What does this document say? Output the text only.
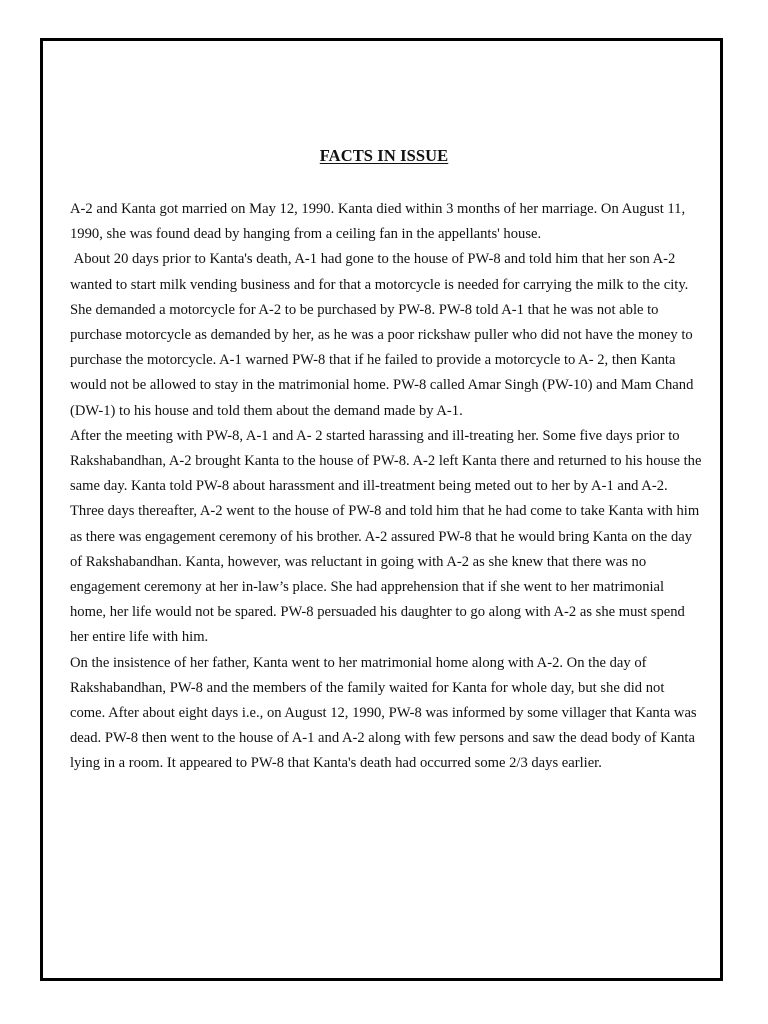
FACTS IN ISSUE

A-2 and Kanta got married on May 12, 1990. Kanta died within 3 months of her marriage. On August 11, 1990, she was found dead by hanging from a ceiling fan in the appellants' house.

About 20 days prior to Kanta's death, A-1 had gone to the house of PW-8 and told him that her son A-2 wanted to start milk vending business and for that a motorcycle is needed for carrying the milk to the city. She demanded a motorcycle for A-2 to be purchased by PW-8. PW-8 told A-1 that he was not able to purchase motorcycle as demanded by her, as he was a poor rickshaw puller who did not have the money to purchase the motorcycle. A-1 warned PW-8 that if he failed to provide a motorcycle to A- 2, then Kanta would not be allowed to stay in the matrimonial home. PW-8 called Amar Singh (PW-10) and Mam Chand (DW-1) to his house and told them about the demand made by A-1.

After the meeting with PW-8, A-1 and A- 2 started harassing and ill-treating her. Some five days prior to Rakshabandhan, A-2 brought Kanta to the house of PW-8. A-2 left Kanta there and returned to his house the same day. Kanta told PW-8 about harassment and ill-treatment being meted out to her by A-1 and A-2. Three days thereafter, A-2 went to the house of PW-8 and told him that he had come to take Kanta with him as there was engagement ceremony of his brother. A-2 assured PW-8 that he would bring Kanta on the day of Rakshabandhan. Kanta, however, was reluctant in going with A-2 as she knew that there was no engagement ceremony at her in-law’s place. She had apprehension that if she went to her matrimonial home, her life would not be spared. PW-8 persuaded his daughter to go along with A-2 as she must spend her entire life with him.

On the insistence of her father, Kanta went to her matrimonial home along with A-2. On the day of Rakshabandhan, PW-8 and the members of the family waited for Kanta for whole day, but she did not come. After about eight days i.e., on August 12, 1990, PW-8 was informed by some villager that Kanta was dead. PW-8 then went to the house of A-1 and A-2 along with few persons and saw the dead body of Kanta lying in a room. It appeared to PW-8 that Kanta's death had occurred some 2/3 days earlier.
